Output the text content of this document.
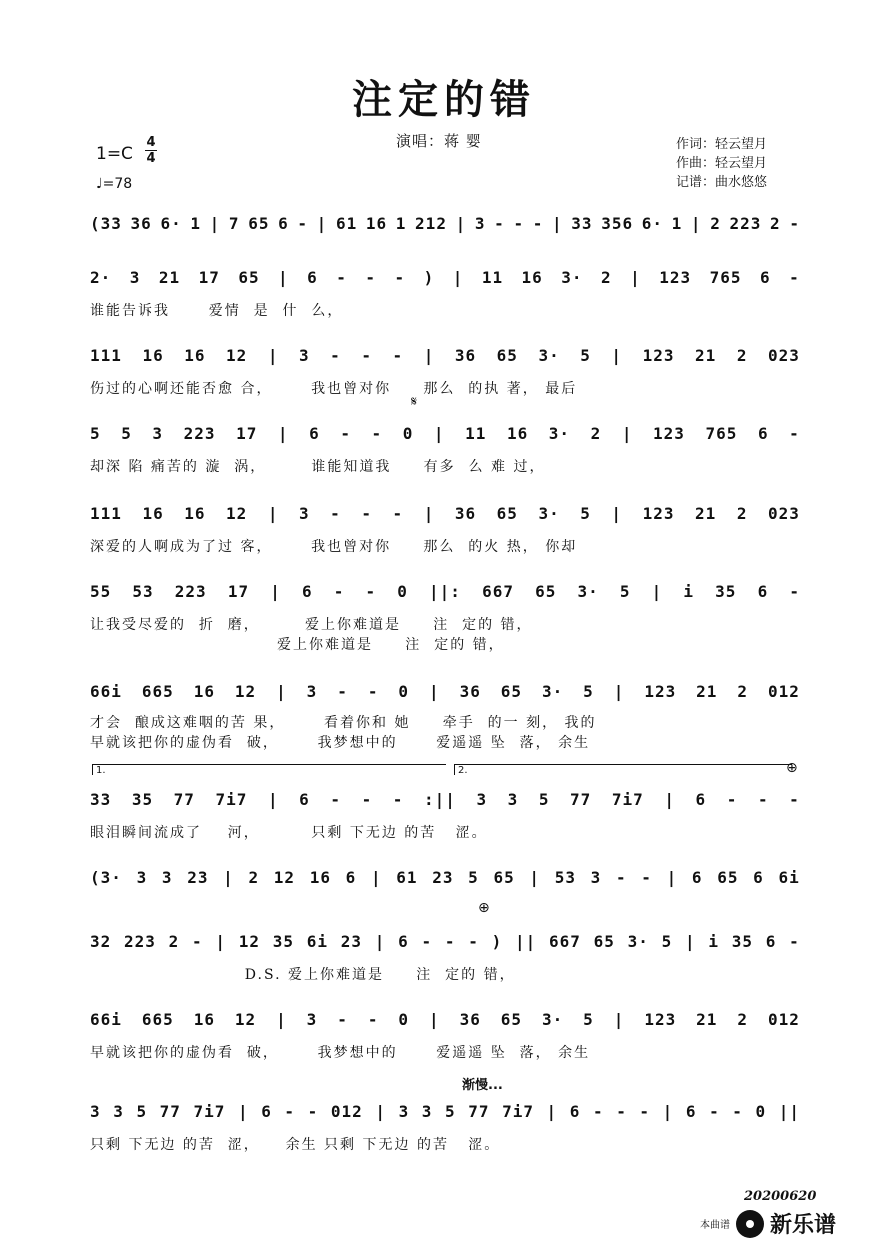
注定的错
演唱：蒋 婴	作词：轻云望月
作曲：轻云望月
记谱：曲水悠悠
1=C
4
4
♩=78
(33 36 6· 1 | 7 65 6 - | 61 16 1 212 | 3 - - - | 33 356 6· 1 | 2 223 2 -
2· 3 21 17 65 | 6 - - - ) | 11 16 3· 2 | 123 765 6 -
谁能告诉我      爱情  是  什  么，
111 16 16 12 | 3 - - - | 36 65 3· 5 | 123 21 2 023
伤过的心啊还能否愈 合，      我也曾对你     那么  的执 著， 最后
5 5 3 223 17 | 6 - - 0 | 11 16 3· 2 | 123 765 6 -
却深 陷 痛苦的 漩  涡，       谁能知道我     有多  么 难 过，
111 16 16 12 | 3 - - - | 36 65 3· 5 | 123 21 2 023
深爱的人啊成为了过 客，      我也曾对你     那么  的火 热， 你却
55 53 223 17 | 6 - - 0 ||: 667 65 3· 5 | i 35 6 -
让我受尽爱的  折  磨，       爱上你难道是     注  定的 错，
爱上你难道是     注  定的 错，
66i 665 16 12 | 3 - - 0 | 36 65 3· 5 | 123 21 2 012
才会  酿成这难咽的苦 果，      看着你和 她     牵手  的一 刻， 我的
早就该把你的虚伪看  破，      我梦想中的      爱遥遥 坠  落， 余生
33 35 77 7i7 | 6 - - - :|| 3 3 5 77 7i7 | 6 - - -
眼泪瞬间流成了    河，        只剩 下无边 的苦   涩。
(3· 3 3 23 | 2 12 16 6 | 61 23 5 65 | 53 3 - - | 6 65 6 6i
32 223 2 - | 12 35 6i 23 | 6 - - - ) || 667 65 3· 5 | i 35 6 -
D.S. 爱上你难道是     注  定的 错，
66i 665 16 12 | 3 - - 0 | 36 65 3· 5 | 123 21 2 012
早就该把你的虚伪看  破，      我梦想中的      爱遥遥 坠  落， 余生
3 3 5 77 7i7 | 6 - - 012 | 3 3 5 77 7i7 | 6 - - - | 6 - - 0 ||
只剩 下无边 的苦  涩，    余生 只剩 下无边 的苦   涩。
𝄋
1.	2.	⊕
⊕
渐慢...
20200620
本曲谱 新乐谱
